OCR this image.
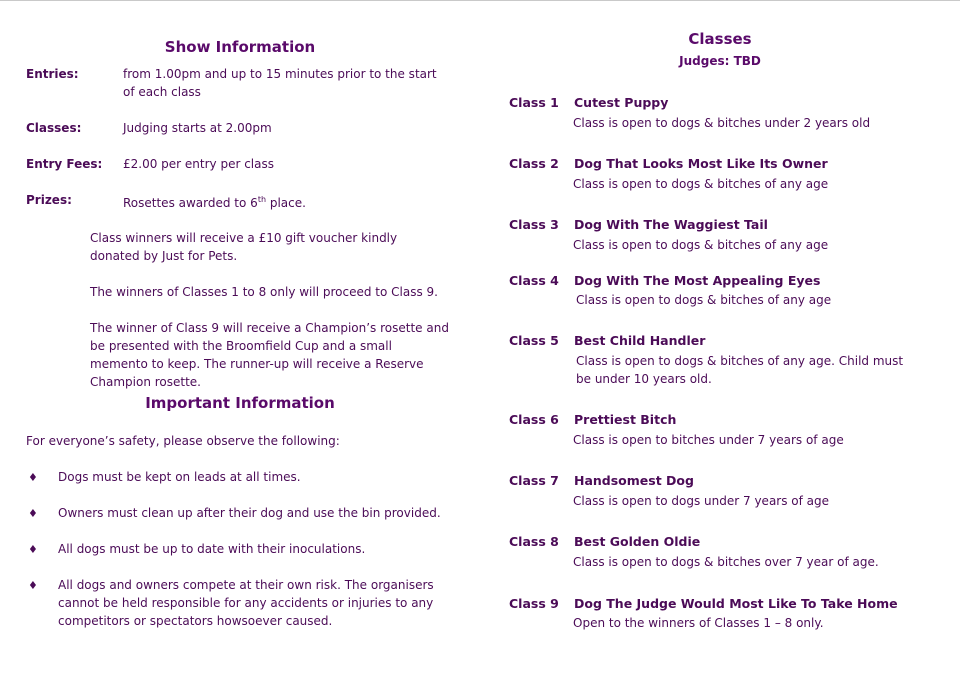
Show Information
Entries:	from 1.00pm and up to 15 minutes prior to the start of each class
Classes:	Judging starts at 2.00pm
Entry Fees: £2.00 per entry per class
Prizes:	Rosettes awarded to 6th place.
Class winners will receive a £10 gift voucher kindly donated by Just for Pets.
The winners of Classes 1 to 8 only will proceed to Class 9.
The winner of Class 9 will receive a Champion’s rosette and be presented with the Broomfield Cup and a small memento to keep. The runner-up will receive a Reserve Champion rosette.
Important Information
For everyone’s safety, please observe the following:
♦ Dogs must be kept on leads at all times.
♦ Owners must clean up after their dog and use the bin provided.
♦ All dogs must be up to date with their inoculations.
♦ All dogs and owners compete at their own risk. The organisers cannot be held responsible for any accidents or injuries to any competitors or spectators howsoever caused.
Classes
Judges: TBD
Class 1 Cutest Puppy
Class is open to dogs & bitches under 2 years old
Class 2 Dog That Looks Most Like Its Owner
Class is open to dogs & bitches of any age
Class 3 Dog With The Waggiest Tail
Class is open to dogs & bitches of any age
Class 4 Dog With The Most Appealing Eyes
Class is open to dogs & bitches of any age
Class 5 Best Child Handler
Class is open to dogs & bitches of any age. Child must be under 10 years old.
Class 6 Prettiest Bitch
Class is open to bitches under 7 years of age
Class 7 Handsomest Dog
Class is open to dogs under 7 years of age
Class 8 Best Golden Oldie
Class is open to dogs & bitches over 7 year of age.
Class 9 Dog The Judge Would Most Like To Take Home
Open to the winners of Classes 1 – 8 only.
